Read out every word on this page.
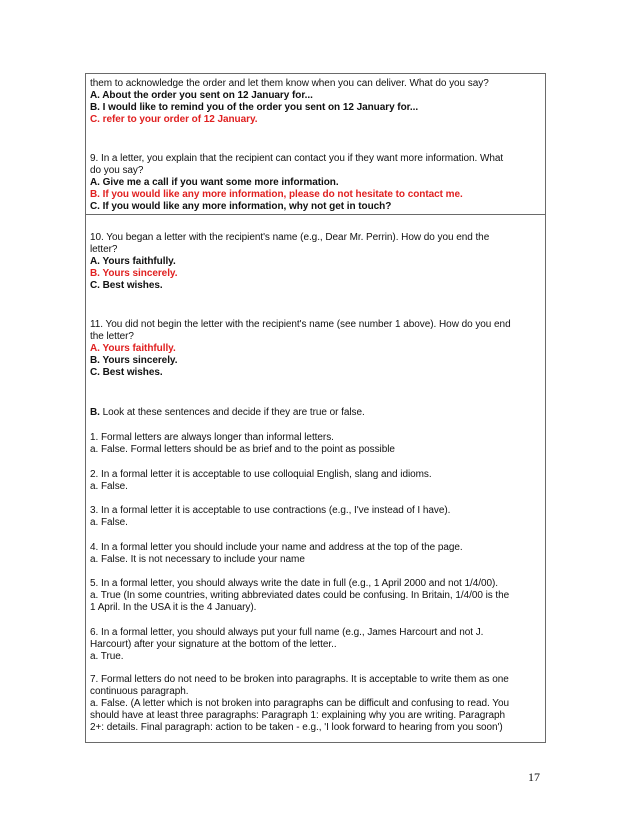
them to acknowledge the order and let them know when you can deliver. What do you say?
A. About the order you sent on 12 January for...
B. I would like to remind you of the order you sent on 12 January for...
C. refer to your order of 12 January.
9. In a letter, you explain that the recipient can contact you if they want more information. What
do you say?
A. Give me a call if you want some more information.
B. If you would like any more information, please do not hesitate to contact me.
C. If you would like any more information, why not get in touch?
10. You began a letter with the recipient's name (e.g., Dear Mr. Perrin). How do you end the
letter?
A. Yours faithfully.
B. Yours sincerely.
C. Best wishes.
11. You did not begin the letter with the recipient's name (see number 1 above). How do you end
the letter?
A. Yours faithfully.
B. Yours sincerely.
C. Best wishes.
B. Look at these sentences and decide if they are true or false.
1. Formal letters are always longer than informal letters.
a. False. Formal letters should be as brief and to the point as possible
2. In a formal letter it is acceptable to use colloquial English, slang and idioms.
a. False.
3. In a formal letter it is acceptable to use contractions (e.g., I've instead of I have).
a. False.
4. In a formal letter you should include your name and address at the top of the page.
a. False. It is not necessary to include your name
5. In a formal letter, you should always write the date in full (e.g., 1 April 2000 and not 1/4/00).
a. True (In some countries, writing abbreviated dates could be confusing. In Britain, 1/4/00 is the
1 April. In the USA it is the 4 January).
6. In a formal letter, you should always put your full name (e.g., James Harcourt and not J.
Harcourt) after your signature at the bottom of the letter..
a. True.
7. Formal letters do not need to be broken into paragraphs. It is acceptable to write them as one
continuous paragraph.
a. False. (A letter which is not broken into paragraphs can be difficult and confusing to read. You
should have at least three paragraphs: Paragraph 1: explaining why you are writing. Paragraph
2+: details. Final paragraph: action to be taken - e.g., 'I look forward to hearing from you soon')
17
